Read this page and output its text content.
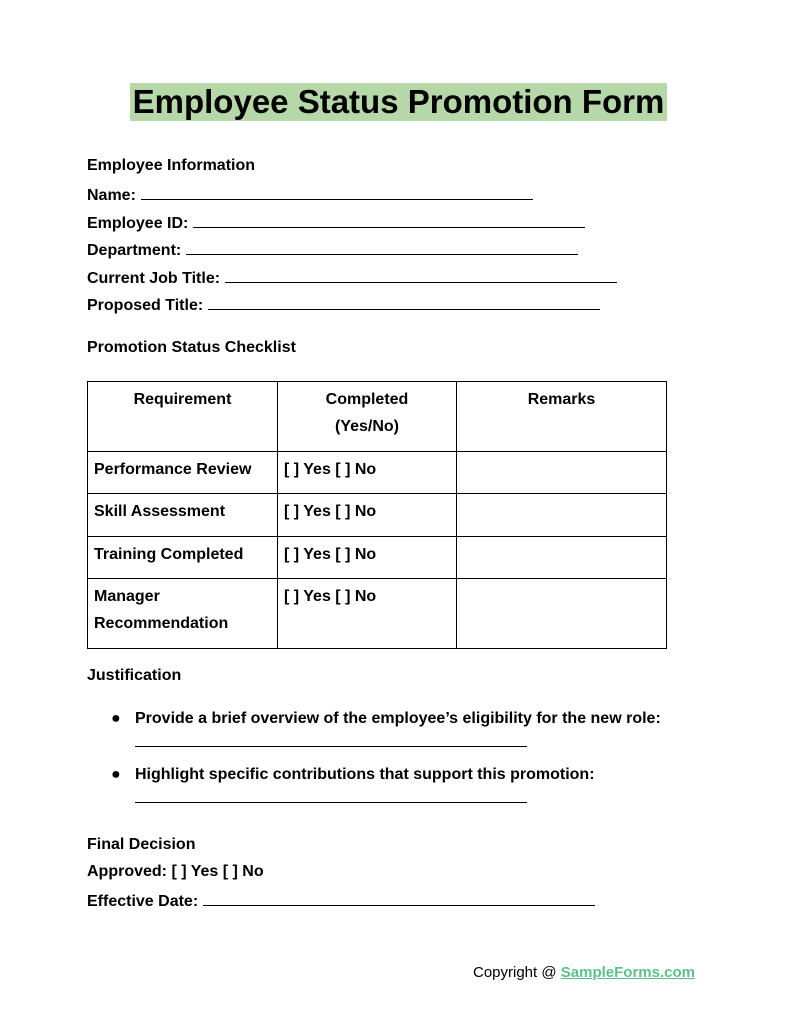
Employee Status Promotion Form
Employee Information
Name:
Employee ID:
Department:
Current Job Title:
Proposed Title:
Promotion Status Checklist
Requirement	Completed (Yes/No)	Remarks
Performance Review	[ ] Yes [ ] No	
Skill Assessment	[ ] Yes [ ] No	
Training Completed	[ ] Yes [ ] No	
Manager Recommendation	[ ] Yes [ ] No	
Justification
● Provide a brief overview of the employee’s eligibility for the new role:
● Highlight specific contributions that support this promotion:
Final Decision
Approved: [ ] Yes [ ] No
Effective Date:
Copyright @ SampleForms.com
